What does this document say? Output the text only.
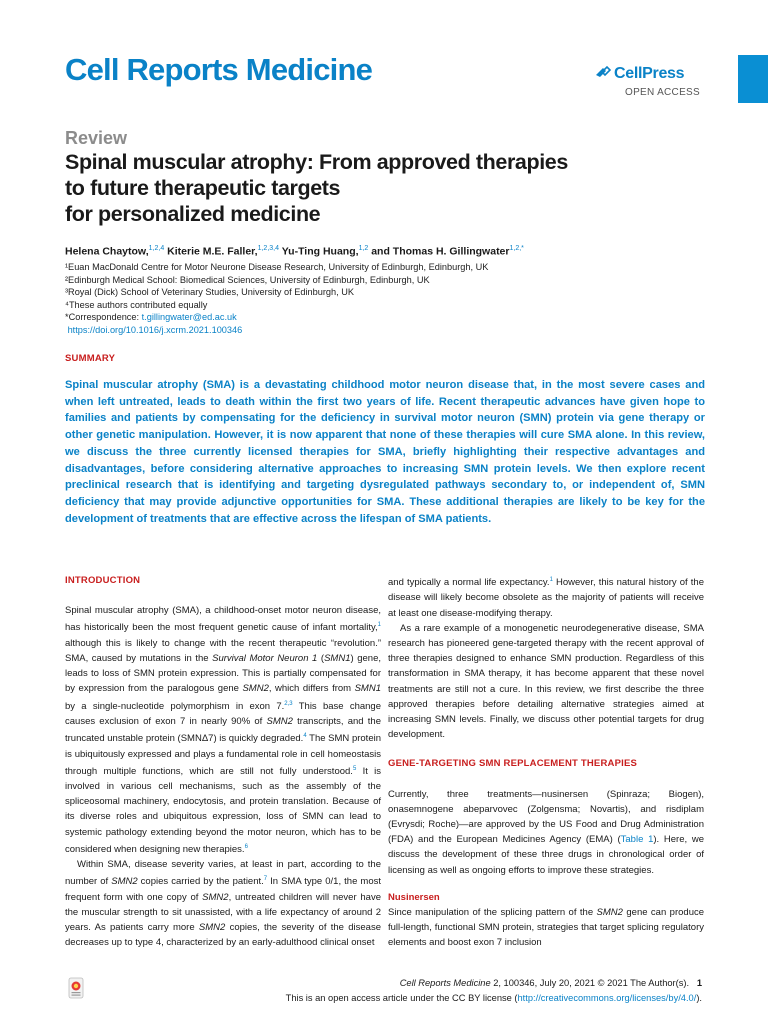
Cell Reports Medicine	CellPress
OPEN ACCESS
Review
Spinal muscular atrophy: From approved therapies
to future therapeutic targets
for personalized medicine
Helena Chaytow,$^{1,2,4}$ Kiterie M.E. Faller,$^{1,2,3,4}$ Yu-Ting Huang,$^{1,2}$ and Thomas H. Gillingwater$^{1,2,*}$
¹Euan MacDonald Centre for Motor Neurone Disease Research, University of Edinburgh, Edinburgh, UK
²Edinburgh Medical School: Biomedical Sciences, University of Edinburgh, Edinburgh, UK
³Royal (Dick) School of Veterinary Studies, University of Edinburgh, UK
⁴These authors contributed equally
*Correspondence: t.gillingwater@ed.ac.uk
https://doi.org/10.1016/j.xcrm.2021.100346
SUMMARY
Spinal muscular atrophy (SMA) is a devastating childhood motor neuron disease that, in the most severe cases and when left untreated, leads to death within the first two years of life. Recent therapeutic advances have given hope to families and patients by compensating for the deficiency in survival motor neuron (SMN) protein via gene therapy or other genetic manipulation. However, it is now apparent that none of these therapies will cure SMA alone. In this review, we discuss the three currently licensed therapies for SMA, briefly highlighting their respective advantages and disadvantages, before considering alternative approaches to increasing SMN protein levels. We then explore recent preclinical research that is identifying and targeting dysregulated pathways secondary to, or independent of, SMN deficiency that may provide adjunctive opportunities for SMA. These additional therapies are likely to be key for the development of treatments that are effective across the lifespan of SMA patients.
INTRODUCTION

Spinal muscular atrophy (SMA), a childhood-onset motor neuron disease, has historically been the most frequent genetic cause of infant mortality,$^1$ although this is likely to change with the recent therapeutic “revolution.” SMA, caused by mutations in the Survival Motor Neuron 1 (SMN1) gene, leads to loss of SMN protein expression. This is partially compensated for by expression from the paralogous gene SMN2, which differs from SMN1 by a single-nucleotide polymorphism in exon 7.$^{2,3}$ This base change causes exclusion of exon 7 in nearly 90% of SMN2 transcripts, and the truncated unstable protein (SMNΔ7) is quickly degraded.$^4$ The SMN protein is ubiquitously expressed and plays a fundamental role in cell homeostasis through multiple functions, which are still not fully understood.$^5$ It is involved in various cell mechanisms, such as the assembly of the spliceosomal machinery, endocytosis, and protein translation. Because of its diverse roles and ubiquitous expression, loss of SMN can lead to systemic pathology extending beyond the motor neuron, which has to be considered when designing new therapies.$^6$

Within SMA, disease severity varies, at least in part, according to the number of SMN2 copies carried by the patient.$^7$ In SMA type 0/1, the most frequent form with one copy of SMN2, untreated children will never have the muscular strength to sit unassisted, with a life expectancy of around 2 years. As patients carry more SMN2 copies, the severity of the disease decreases up to type 4, characterized by an early-adulthood clinical onset

and typically a normal life expectancy.$^1$ However, this natural history of the disease will likely become obsolete as the majority of patients will receive at least one disease-modifying therapy.

As a rare example of a monogenetic neurodegenerative disease, SMA research has pioneered gene-targeted therapy with the recent approval of three therapies designed to enhance SMN production. Regardless of this transformation in SMA therapy, it has become apparent that these novel treatments are still not a cure. In this review, we first describe the three approved therapies before detailing alternative strategies aimed at increasing SMN levels. Finally, we discuss other potential targets for drug development.

GENE-TARGETING SMN REPLACEMENT THERAPIES

Currently, three treatments—nusinersen (Spinraza; Biogen), onasemnogene abeparvovec (Zolgensma; Novartis), and risdiplam (Evrysdi; Roche)—are approved by the US Food and Drug Administration (FDA) and the European Medicines Agency (EMA) (Table 1). Here, we discuss the development of these three drugs in chronological order of licensing as well as ongoing efforts to improve these strategies.

Nusinersen

Since manipulation of the splicing pattern of the SMN2 gene can produce full-length, functional SMN protein, strategies that target splicing regulatory elements and boost exon 7 inclusion

Cell Reports Medicine 2, 100346, July 20, 2021 © 2021 The Author(s). 1
This is an open access article under the CC BY license (http://creativecommons.org/licenses/by/4.0/).
